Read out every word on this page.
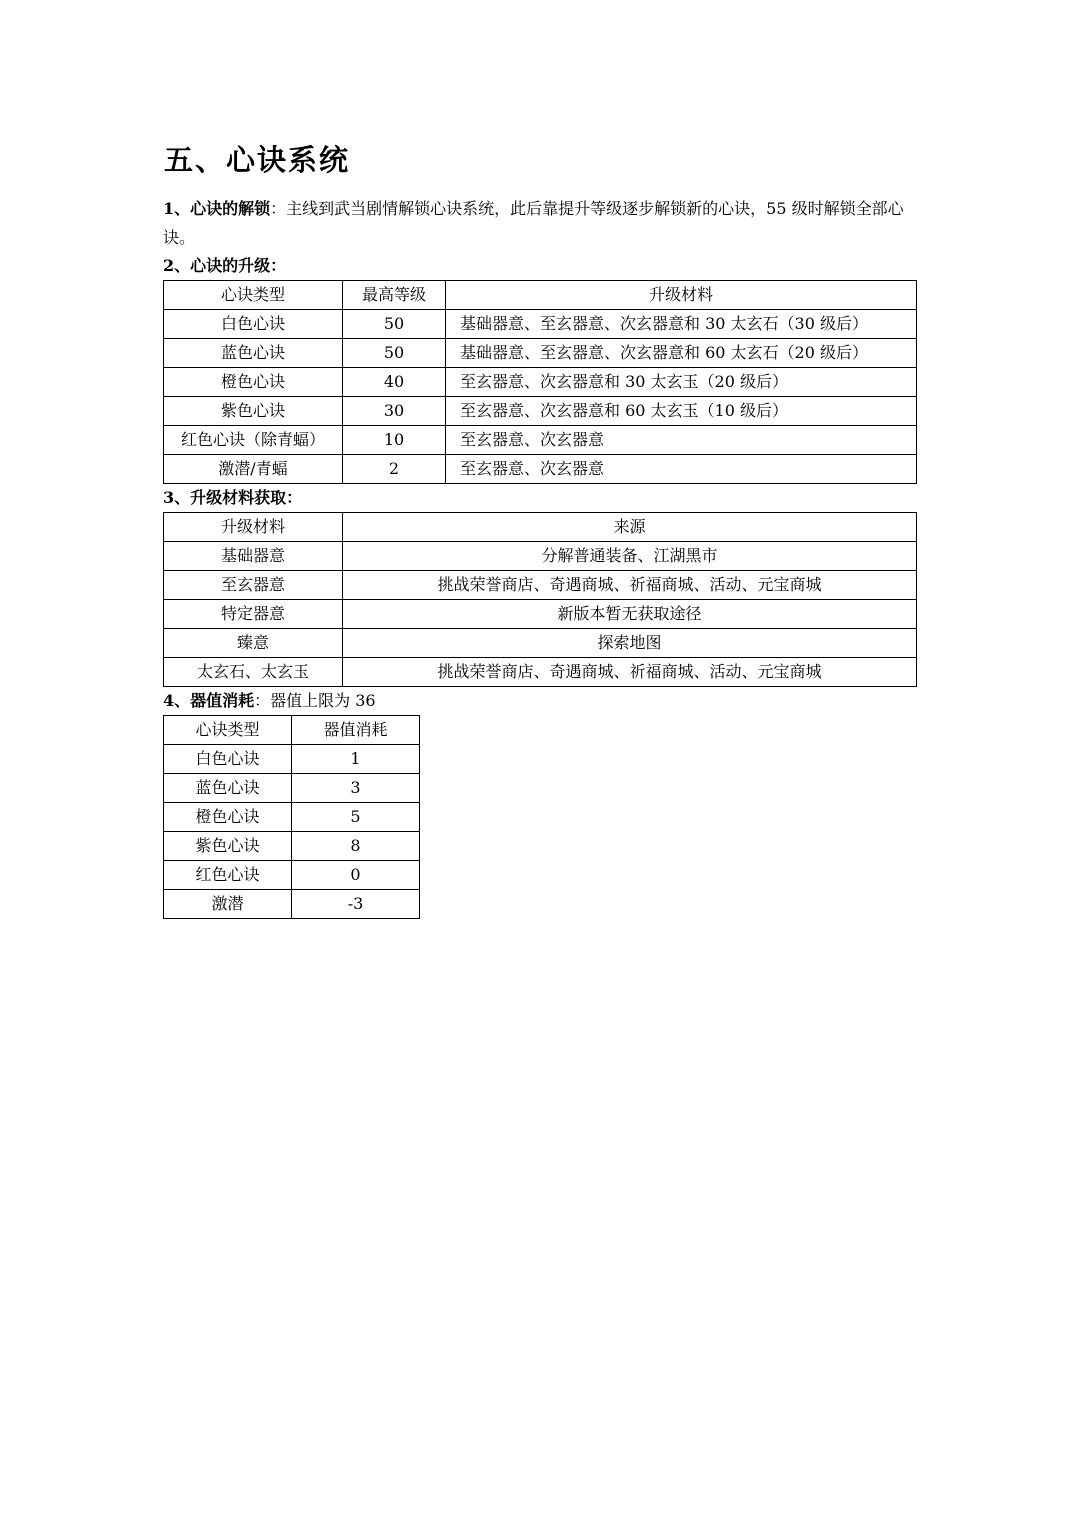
五、心诀系统

1、心诀的解锁：主线到武当剧情解锁心诀系统，此后靠提升等级逐步解锁新的心诀，55 级时解锁全部心诀。

2、心诀的升级：

心诀类型	最高等级	升级材料
白色心诀	50	基础器意、至玄器意、次玄器意和 30 太玄石（30 级后）
蓝色心诀	50	基础器意、至玄器意、次玄器意和 60 太玄石（20 级后）
橙色心诀	40	至玄器意、次玄器意和 30 太玄玉（20 级后）
紫色心诀	30	至玄器意、次玄器意和 60 太玄玉（10 级后）
红色心诀（除青蝠）	10	至玄器意、次玄器意
激潜/青蝠	2	至玄器意、次玄器意

3、升级材料获取：

升级材料	来源
基础器意	分解普通装备、江湖黑市
至玄器意	挑战荣誉商店、奇遇商城、祈福商城、活动、元宝商城
特定器意	新版本暂无获取途径
臻意	探索地图
太玄石、太玄玉	挑战荣誉商店、奇遇商城、祈福商城、活动、元宝商城

4、器值消耗：器值上限为 36

心诀类型	器值消耗
白色心诀	1
蓝色心诀	3
橙色心诀	5
紫色心诀	8
红色心诀	0
激潜	-3
